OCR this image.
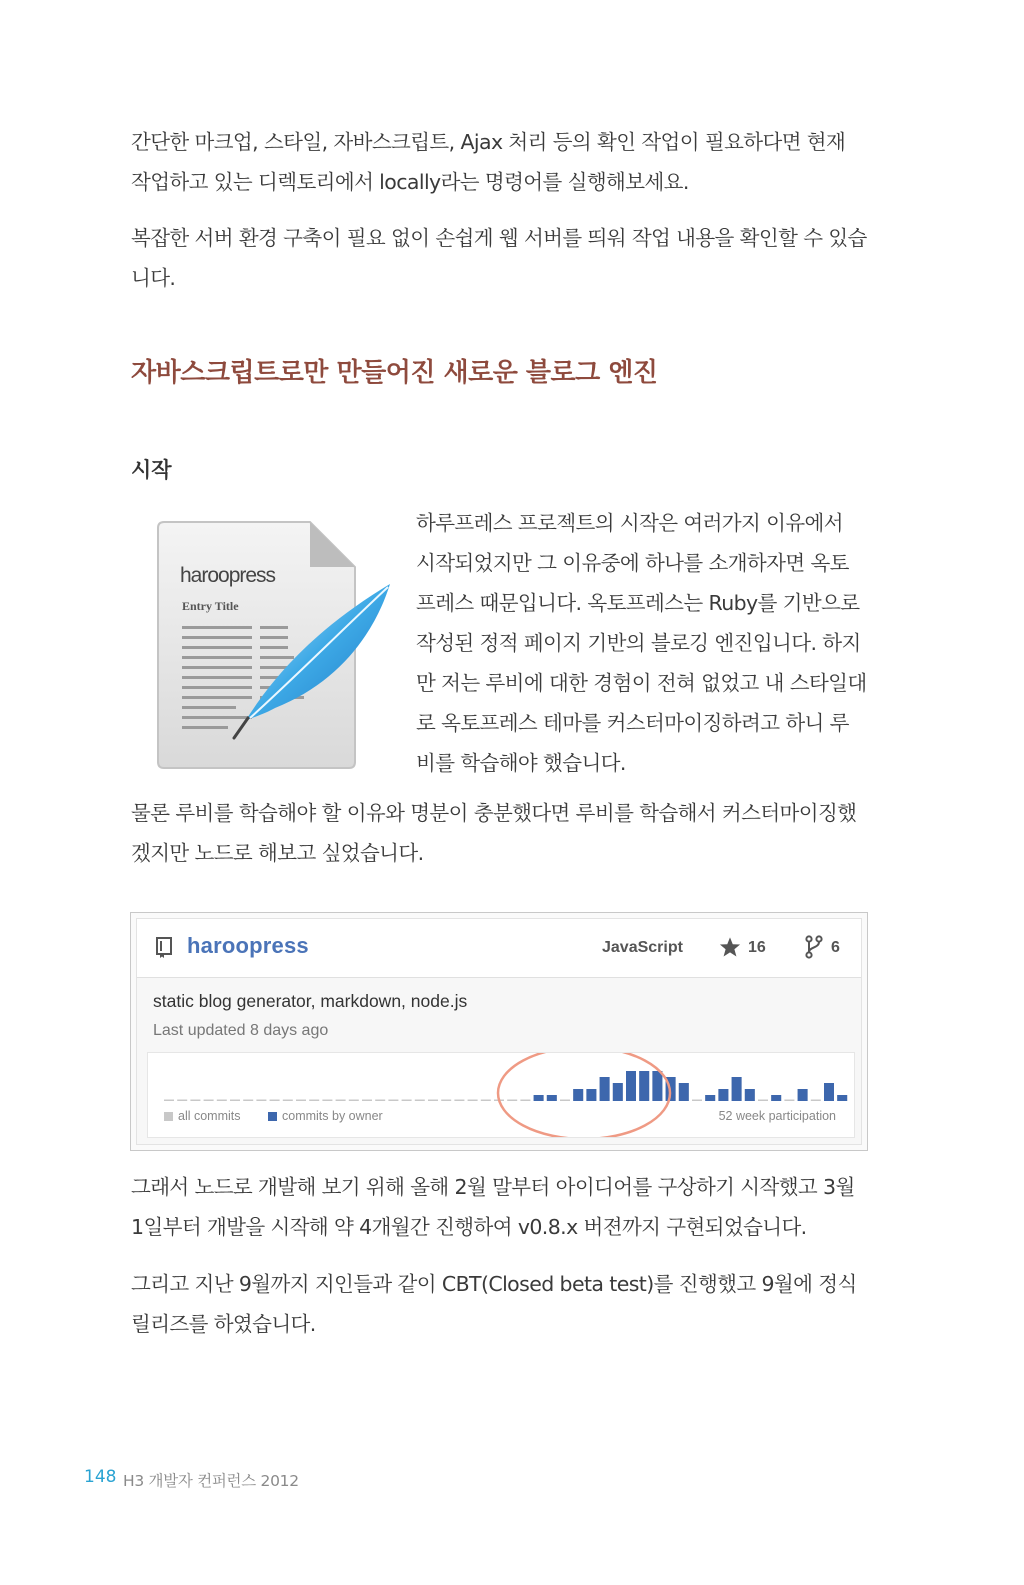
간단한 마크업, 스타일, 자바스크립트, Ajax 처리 등의 확인 작업이 필요하다면 현재 작업하고 있는 디렉토리에서 locally라는 명령어를 실행해보세요.

복잡한 서버 환경 구축이 필요 없이 손쉽게 웹 서버를 띄워 작업 내용을 확인할 수 있습니다.

자바스크립트로만 만들어진 새로운 블로그 엔진
시작
haroopress
Entry Title

하루프레스 프로젝트의 시작은 여러가지 이유에서 시작되었지만 그 이유중에 하나를 소개하자면 옥토프레스 때문입니다. 옥토프레스는 Ruby를 기반으로 작성된 정적 페이지 기반의 블로깅 엔진입니다. 하지만 저는 루비에 대한 경험이 전혀 없었고 내 스타일대로 옥토프레스 테마를 커스터마이징하려고 하니 루비를 학습해야 했습니다.

물론 루비를 학습해야 할 이유와 명분이 충분했다면 루비를 학습해서 커스터마이징했겠지만 노드로 해보고 싶었습니다.

haroopress	JavaScript	16	6
static blog generator, markdown, node.js
Last updated 8 days ago
all commits	commits by owner	52 week participation

그래서 노드로 개발해 보기 위해 올해 2월 말부터 아이디어를 구상하기 시작했고 3월 1일부터 개발을 시작해 약 4개월간 진행하여 v0.8.x 버젼까지 구현되었습니다.

그리고 지난 9월까지 지인들과 같이 CBT(Closed beta test)를 진행했고 9월에 정식 릴리즈를 하였습니다.

148 H3 개발자 컨퍼런스 2012
